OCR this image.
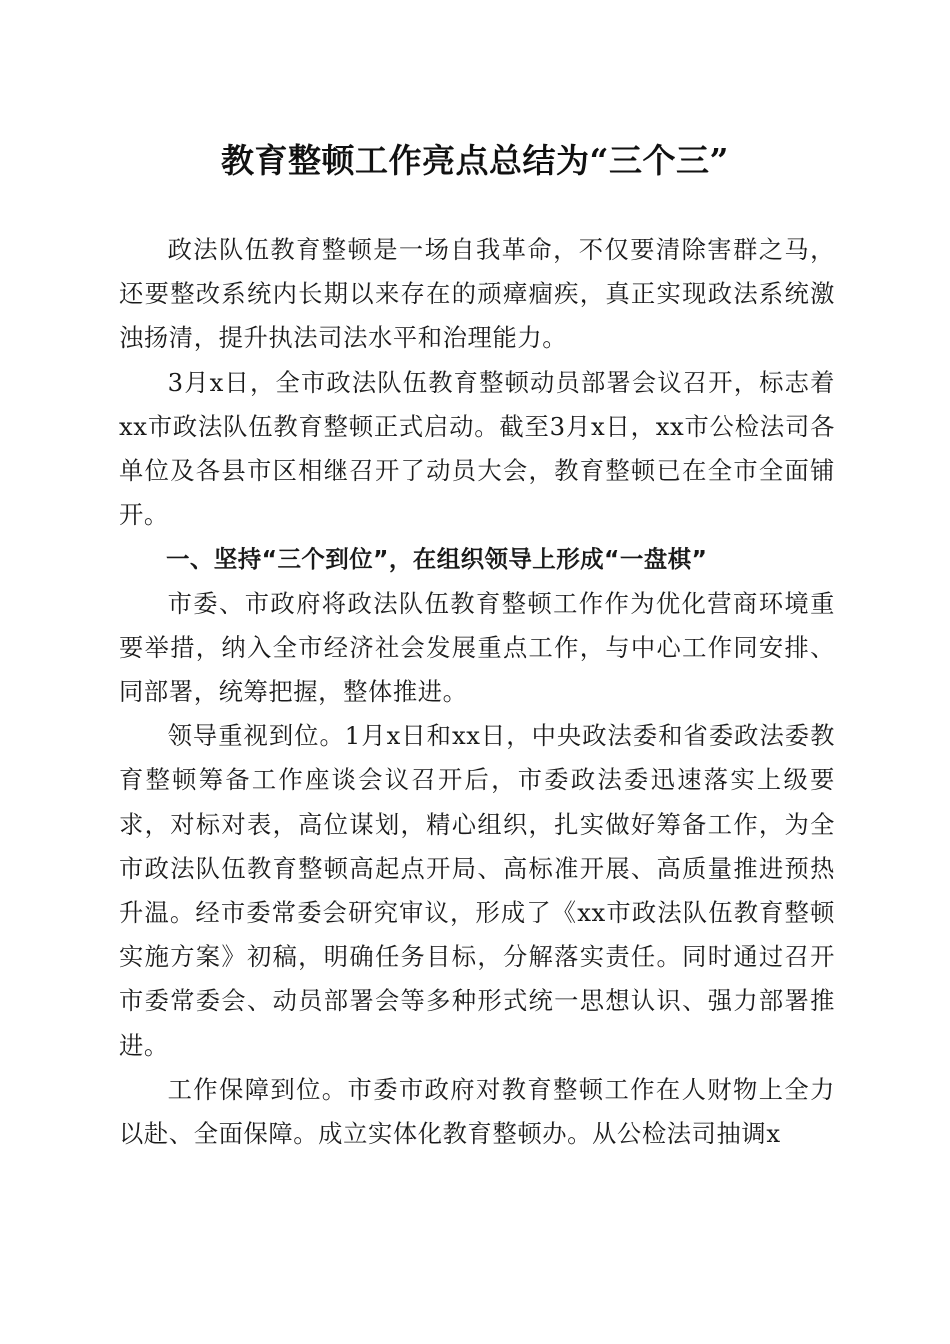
教育整顿工作亮点总结为“三个三”

政法队伍教育整顿是一场自我革命，不仅要清除害群之马，还要整改系统内长期以来存在的顽瘴痼疾，真正实现政法系统激浊扬清，提升执法司法水平和治理能力。

3月x日，全市政法队伍教育整顿动员部署会议召开，标志着xx市政法队伍教育整顿正式启动。截至3月x日，xx市公检法司各单位及各县市区相继召开了动员大会，教育整顿已在全市全面铺开。

一、坚持“三个到位”，在组织领导上形成“一盘棋”

市委、市政府将政法队伍教育整顿工作作为优化营商环境重要举措，纳入全市经济社会发展重点工作，与中心工作同安排、同部署，统筹把握，整体推进。

领导重视到位。1月x日和xx日，中央政法委和省委政法委教育整顿筹备工作座谈会议召开后，市委政法委迅速落实上级要求，对标对表，高位谋划，精心组织，扎实做好筹备工作，为全市政法队伍教育整顿高起点开局、高标准开展、高质量推进预热升温。经市委常委会研究审议，形成了《xx市政法队伍教育整顿实施方案》初稿，明确任务目标，分解落实责任。同时通过召开市委常委会、动员部署会等多种形式统一思想认识、强力部署推进。

工作保障到位。市委市政府对教育整顿工作在人财物上全力以赴、全面保障。成立实体化教育整顿办。从公检法司抽调x
